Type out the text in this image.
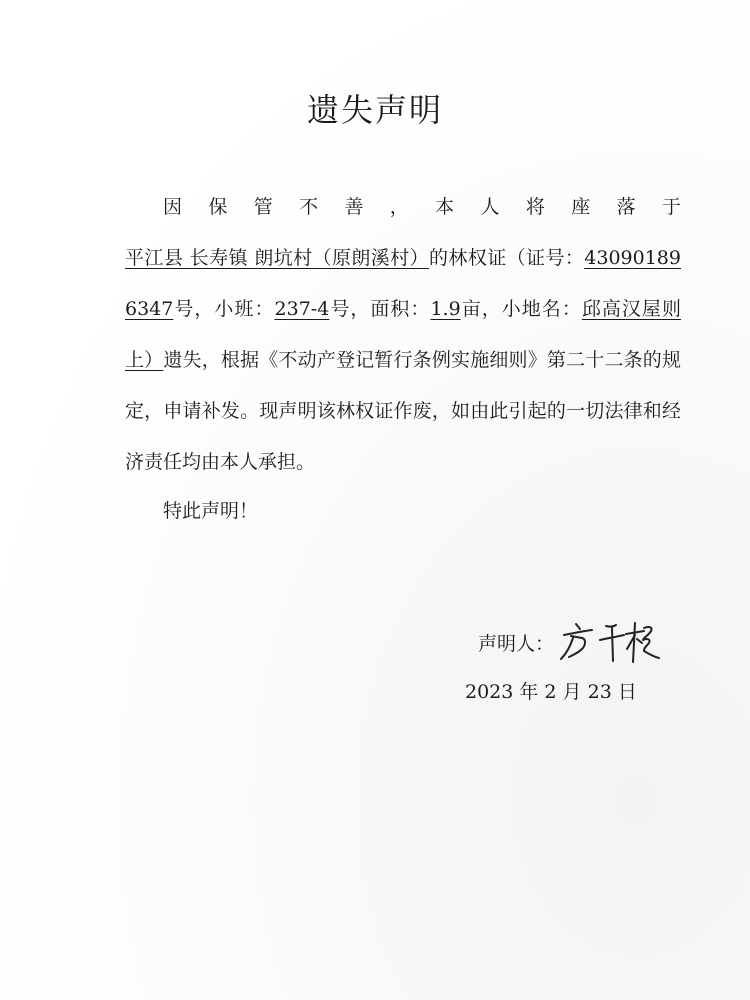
遗失声明

因保管不善，本人将座落于平江县 长寿镇 朗坑村（原朗溪村）的林权证（证号：430901896347号，小班：237-4号，面积：1.9亩，小地名：邱高汉屋则上）遗失，根据《不动产登记暂行条例实施细则》第二十二条的规定，申请补发。现声明该林权证作废，如由此引起的一切法律和经济责任均由本人承担。

特此声明！
声明人：
2023 年 2 月 23 日
